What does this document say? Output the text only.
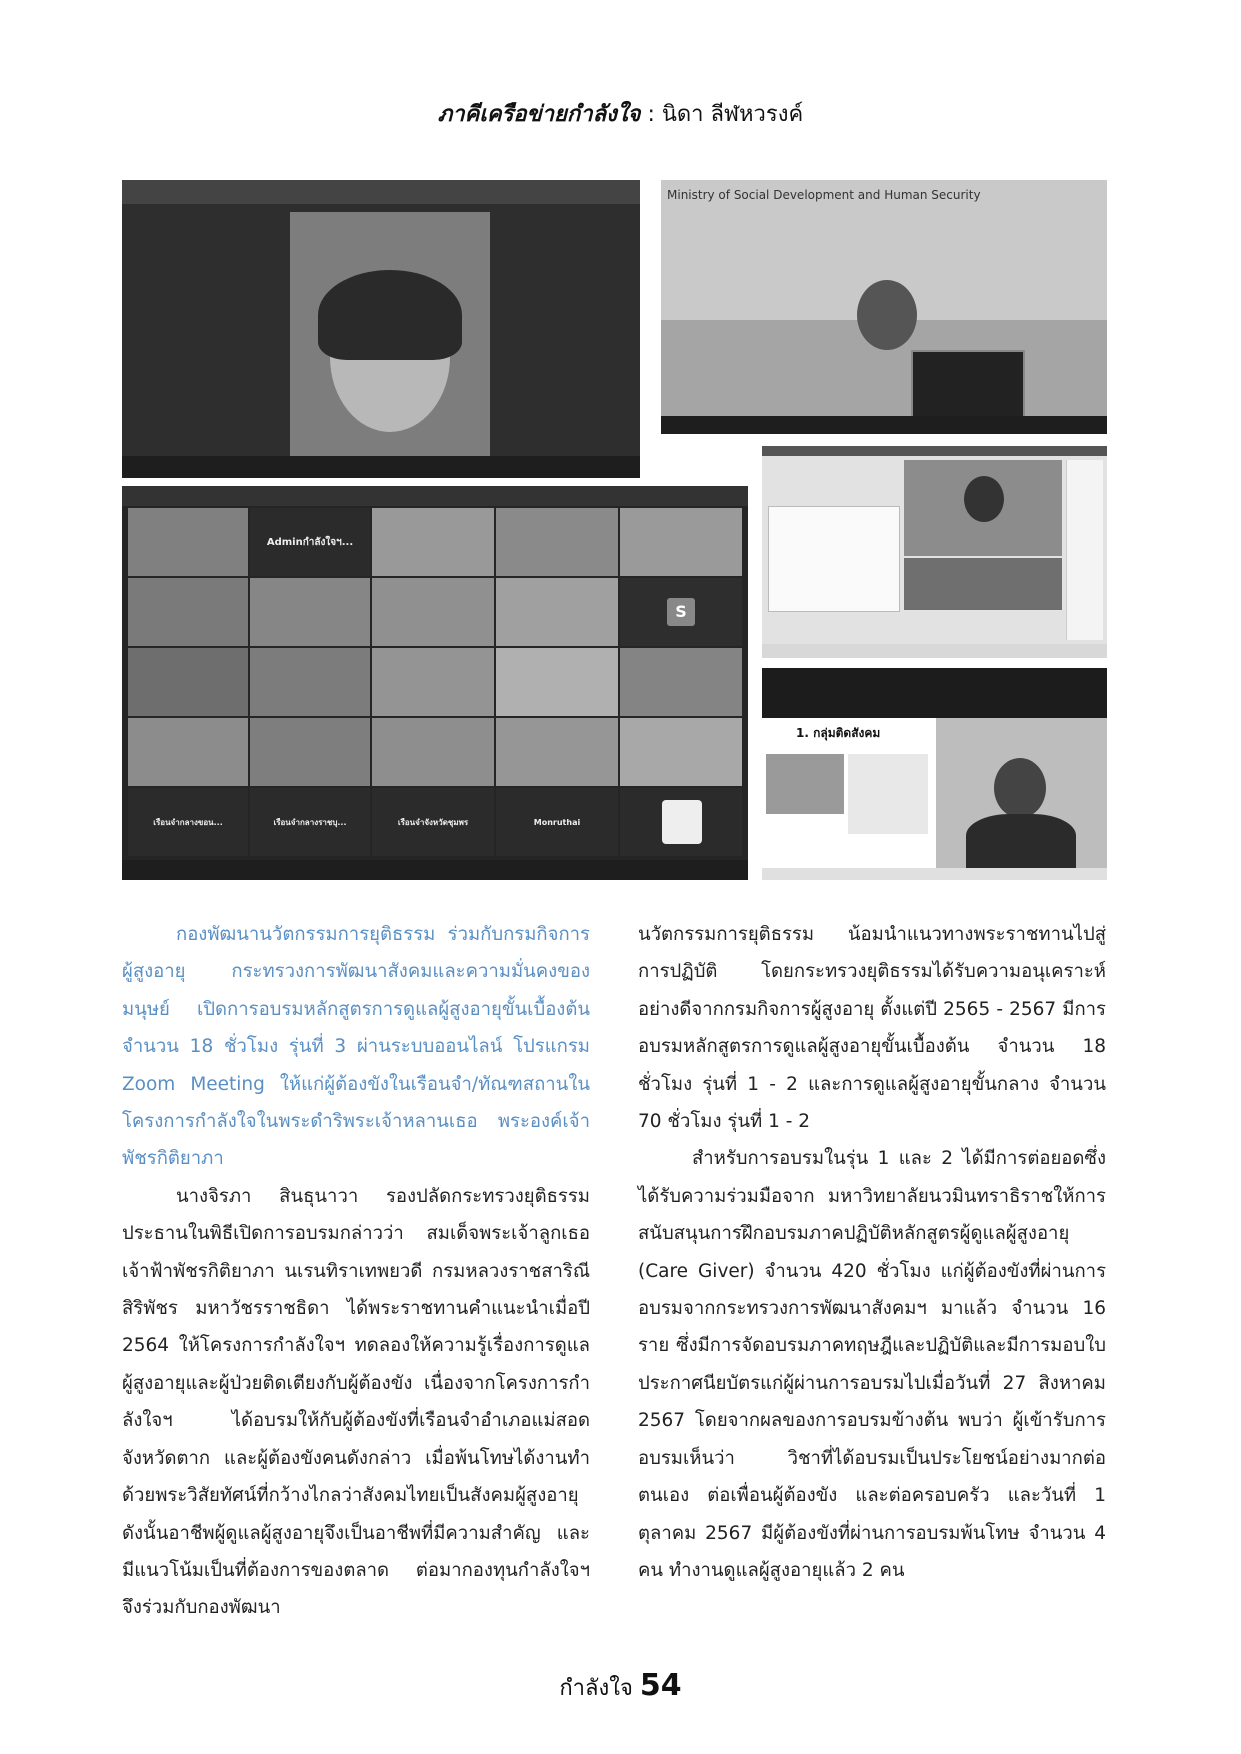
ภาคีเครือข่ายกำลังใจ : นิดา ลีฬหวรงค์
Ministry of Social Development and Human Security
Adminกำลังใจฯ...
S
เรือนจำกลางขอน...	เรือนจำกลางราชบุ...	เรือนจำจังหวัดชุมพร	Monruthai
1. กลุ่มติดสังคม

กองพัฒนานวัตกรรมการยุติธรรม ร่วมกับกรมกิจการผู้สูงอายุ กระทรวงการพัฒนาสังคมและความมั่นคงของมนุษย์ เปิดการอบรมหลักสูตรการดูแลผู้สูงอายุขั้นเบื้องต้น จำนวน 18 ชั่วโมง รุ่นที่ 3 ผ่านระบบออนไลน์ โปรแกรม Zoom Meeting ให้แก่ผู้ต้องขังในเรือนจำ/ทัณฑสถานในโครงการกำลังใจในพระดำริพระเจ้าหลานเธอ พระองค์เจ้าพัชรกิติยาภา

นางจิรภา สินธุนาวา รองปลัดกระทรวงยุติธรรม ประธานในพิธีเปิดการอบรมกล่าวว่า สมเด็จพระเจ้าลูกเธอ เจ้าฟ้าพัชรกิติยาภา นเรนทิราเทพยวดี กรมหลวงราชสาริณี สิริพัชร มหาวัชรราชธิดา ได้พระราชทานคำแนะนำเมื่อปี 2564 ให้โครงการกำลังใจฯ ทดลองให้ความรู้เรื่องการดูแลผู้สูงอายุและผู้ป่วยติดเตียงกับผู้ต้องขัง เนื่องจากโครงการกำลังใจฯ ได้อบรมให้กับผู้ต้องขังที่เรือนจำอำเภอแม่สอด จังหวัดตาก และผู้ต้องขังคนดังกล่าว เมื่อพ้นโทษได้งานทำ ด้วยพระวิสัยทัศน์ที่กว้างไกลว่าสังคมไทยเป็นสังคมผู้สูงอายุ ดังนั้นอาชีพผู้ดูแลผู้สูงอายุจึงเป็นอาชีพที่มีความสำคัญ และมีแนวโน้มเป็นที่ต้องการของตลาด ต่อมากองทุนกำลังใจฯ จึงร่วมกับกองพัฒนา

นวัตกรรมการยุติธรรม น้อมนำแนวทางพระราชทานไปสู่การปฏิบัติ โดยกระทรวงยุติธรรมได้รับความอนุเคราะห์อย่างดีจากกรมกิจการผู้สูงอายุ ตั้งแต่ปี 2565 - 2567 มีการอบรมหลักสูตรการดูแลผู้สูงอายุขั้นเบื้องต้น จำนวน 18 ชั่วโมง รุ่นที่ 1 - 2 และการดูแลผู้สูงอายุขั้นกลาง จำนวน 70 ชั่วโมง รุ่นที่ 1 - 2

สำหรับการอบรมในรุ่น 1 และ 2 ได้มีการต่อยอดซึ่งได้รับความร่วมมือจาก มหาวิทยาลัยนวมินทราธิราชให้การสนับสนุนการฝึกอบรมภาคปฏิบัติหลักสูตรผู้ดูแลผู้สูงอายุ (Care Giver) จำนวน 420 ชั่วโมง แก่ผู้ต้องขังที่ผ่านการอบรมจากกระทรวงการพัฒนาสังคมฯ มาแล้ว จำนวน 16 ราย ซึ่งมีการจัดอบรมภาคทฤษฎีและปฏิบัติและมีการมอบใบประกาศนียบัตรแก่ผู้ผ่านการอบรมไปเมื่อวันที่ 27 สิงหาคม 2567 โดยจากผลของการอบรมข้างต้น พบว่า ผู้เข้ารับการอบรมเห็นว่า วิชาที่ได้อบรมเป็นประโยชน์อย่างมากต่อตนเอง ต่อเพื่อนผู้ต้องขัง และต่อครอบครัว และวันที่ 1 ตุลาคม 2567 มีผู้ต้องขังที่ผ่านการอบรมพ้นโทษ จำนวน 4 คน ทำงานดูแลผู้สูงอายุแล้ว 2 คน

กำลังใจ 54
